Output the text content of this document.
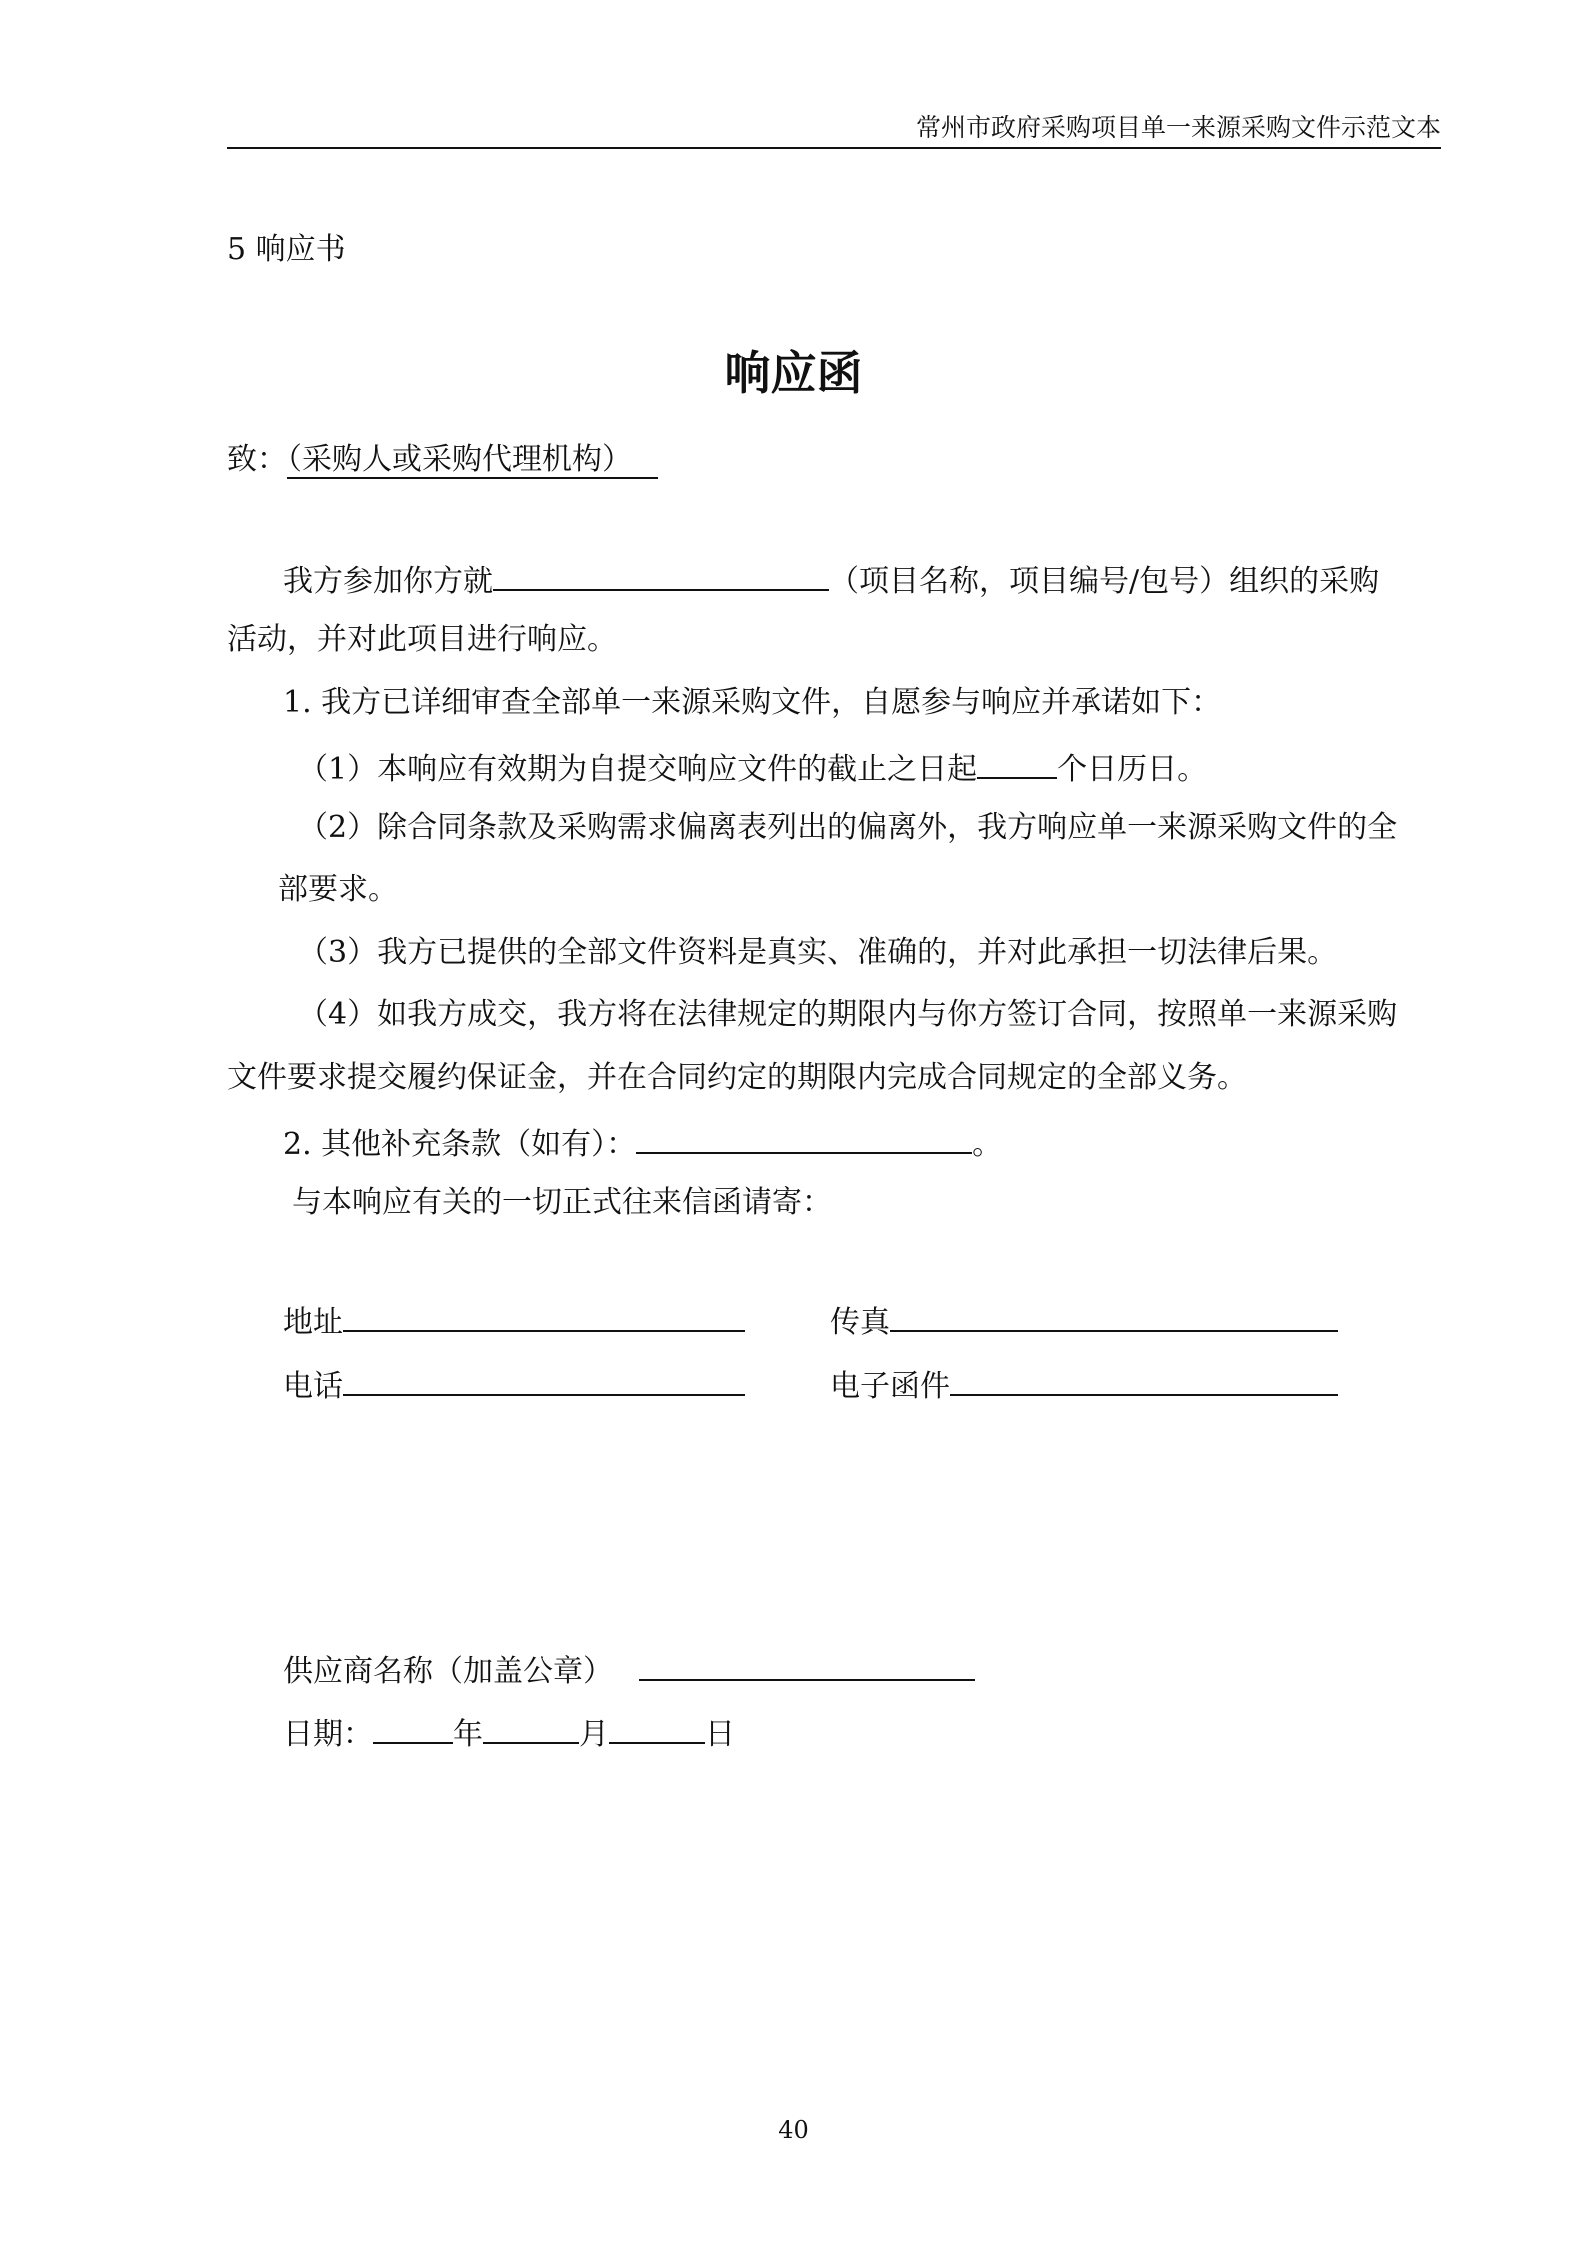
常州市政府采购项目单一来源采购文件示范文本
5 响应书
响应函
致：（采购人或采购代理机构）
我方参加你方就	（项目名称，项目编号/包号）组织的采购
活动，并对此项目进行响应。
1. 我方已详细审查全部单一来源采购文件，自愿参与响应并承诺如下：
（1）本响应有效期为自提交响应文件的截止之日起	个日历日。
（2）除合同条款及采购需求偏离表列出的偏离外，我方响应单一来源采购文件的全
部要求。
（3）我方已提供的全部文件资料是真实、准确的，并对此承担一切法律后果。
（4）如我方成交，我方将在法律规定的期限内与你方签订合同，按照单一来源采购
文件要求提交履约保证金，并在合同约定的期限内完成合同规定的全部义务。
2. 其他补充条款（如有）：	。
与本响应有关的一切正式往来信函请寄：
地址	传真
电话	电子函件
供应商名称（加盖公章）
日期：	年	月	日
40
